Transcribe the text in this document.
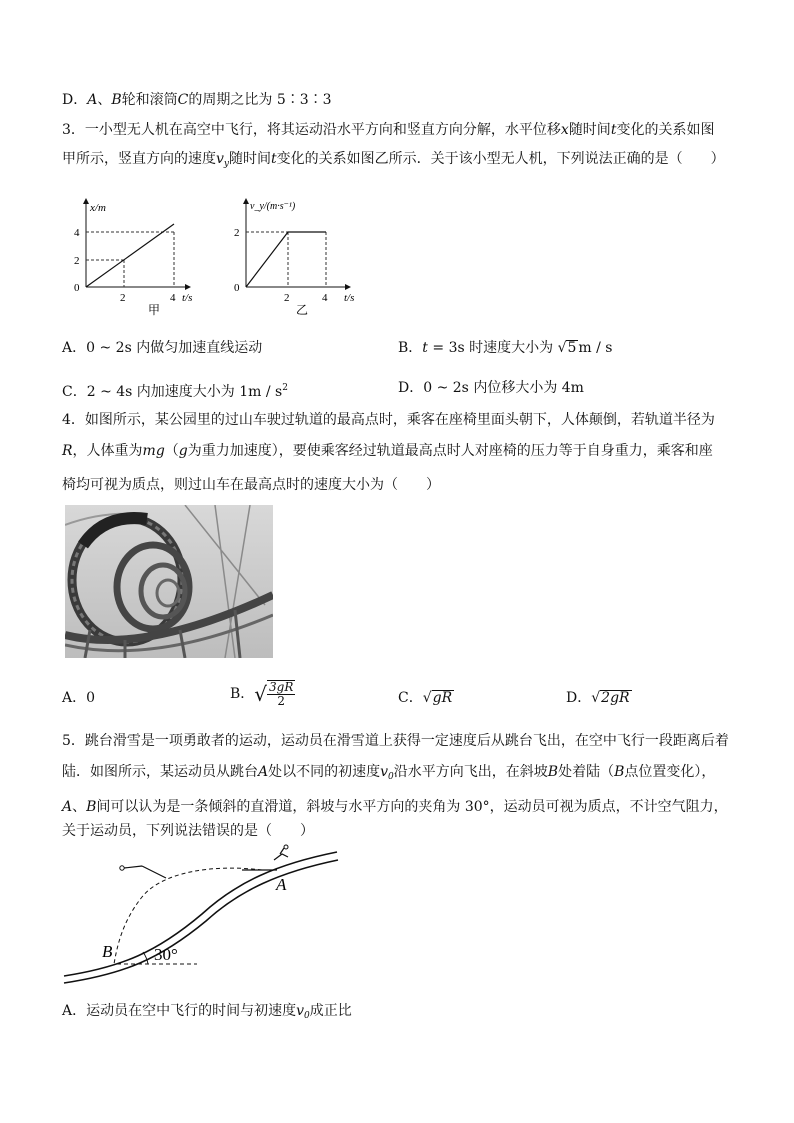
D．A、B轮和滚筒C的周期之比为 5∶3∶3
3．一小型无人机在高空中飞行，将其运动沿水平方向和竖直方向分解，水平位移x随时间t变化的关系如图
甲所示，竖直方向的速度$v_y$随时间t变化的关系如图乙所示．关于该小型无人机，下列说法正确的是（　　）
x/m
4
2
0
2	4 t/s
甲
v_y/(m·s⁻¹)
2
0
2	4 t/s
乙
A．0 ~ 2s 内做匀加速直线运动	B．t = 3s 时速度大小为 √5 m / s
C．2 ~ 4s 内加速度大小为 $1m / s^2$	D．0 ~ 2s 内位移大小为 4m
4．如图所示，某公园里的过山车驶过轨道的最高点时，乘客在座椅里面头朝下，人体颠倒，若轨道半径为
R，人体重为mg（g为重力加速度），要使乘客经过轨道最高点时人对座椅的压力等于自身重力，乘客和座
椅均可视为质点，则过山车在最高点时的速度大小为（　　）
A．0	B．√ $\frac{3gR}{2}$	C．√gR	D．√2gR
5．跳台滑雪是一项勇敢者的运动，运动员在滑雪道上获得一定速度后从跳台飞出，在空中飞行一段距离后着
陆．如图所示，某运动员从跳台A处以不同的初速度$v_0$沿水平方向飞出，在斜坡B处着陆（B点位置变化），
A、B间可以认为是一条倾斜的直滑道，斜坡与水平方向的夹角为 30°，运动员可视为质点，不计空气阻力，
关于运动员，下列说法错误的是（　　）
A
B 30°
A．运动员在空中飞行的时间与初速度$v_0$成正比
